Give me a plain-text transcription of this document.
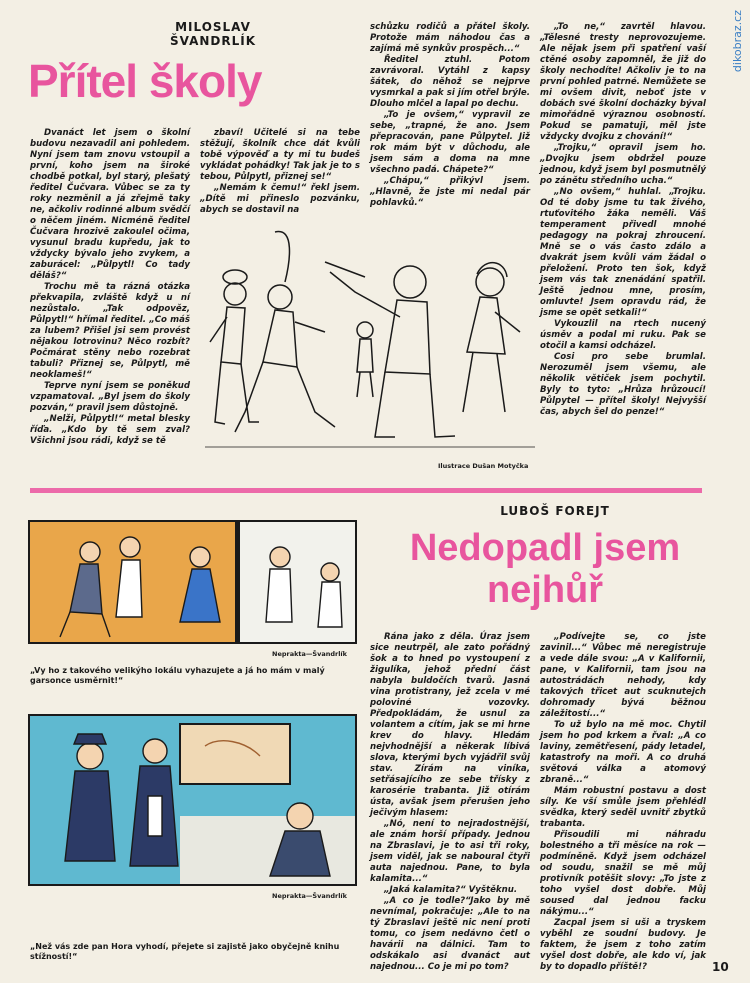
dikobraz.cz
MILOSLAV
ŠVANDRLÍK
Přítel školy

Dvanáct let jsem o školní budovu nezavadil ani pohledem. Nyní jsem tam znovu vstoupil a první, koho jsem na široké chodbě potkal, byl starý, plešatý ředitel Čučvara. Vůbec se za ty roky nezměnil a já zřejmě taky ne, ačkoliv rodinné album svědčí o něčem jiném. Nicméně ředitel Čučvara hrozivě zakoulel očima, vysunul bradu kupředu, jak to vždycky bývalo jeho zvykem, a zaburácel: „Půlpytl! Co tady děláš?“

Trochu mě ta rázná otázka překvapila, zvláště když u ní nezůstalo. „Tak odpověz, Půlpytl!“ hřímal ředitel. „Co máš za lubem? Přišel jsi sem provést nějakou lotrovinu? Něco rozbít? Počmárat stěny nebo rozebrat tabuli? Přiznej se, Půlpytl, mě neoklameš!“

Teprve nyní jsem se poněkud vzpamatoval. „Byl jsem do školy pozván,“ pravil jsem důstojně.

„Nelži, Půlpytl!“ metal blesky říďa. „Kdo by tě sem zval? Všichni jsou rádi, když se tě

zbaví! Učitelé si na tebe stěžují, školník chce dát kvůli tobě výpověď a ty mi tu budeš vykládat pohádky! Tak jak je to s tebou, Půlpytl, přiznej se!“

„Nemám k čemu!“ řekl jsem. „Dítě mi přineslo pozvánku, abych se dostavil na

schůzku rodičů a přátel školy. Protože mám náhodou čas a zajímá mě synkův prospěch...“

Ředitel ztuhl. Potom zavrávoral. Vytáhl z kapsy šátek, do něhož se nejprve vysmrkal a pak si jím otřel brýle. Dlouho mlčel a lapal po dechu.

„To je ovšem,“ vypravil ze sebe, „trapné, že ano. Jsem přepracován, pane Půlpytel. Již rok mám být v důchodu, ale jsem sám a doma na mne všechno padá. Chápete?“

„Chápu,“ přikývl jsem. „Hlavně, že jste mi nedal pár pohlavků.“

„To ne,“ zavrtěl hlavou. „Tělesné tresty neprovozujeme. Ale nějak jsem při spatření vaší ctěné osoby zapomněl, že již do školy nechodíte! Ačkoliv je to na první pohled patrné. Nemůžete se mi ovšem divit, neboť jste v dobách své školní docházky býval mimořádně výraznou osobností. Pokud se pamatuji, měl jste vždycky dvojku z chování!“

„Trojku,“ opravil jsem ho. „Dvojku jsem obdržel pouze jednou, když jsem byl posmutnělý po zánětu středního ucha.“

„No ovšem,“ huhlal. „Trojku. Od té doby jsme tu tak živého, rtuťovitého žáka neměli. Váš temperament přivedl mnohé pedagogy na pokraj zhroucení. Mně se o vás často zdálo a dvakrát jsem kvůli vám žádal o přeložení. Proto ten šok, když jsem vás tak znenádání spatřil. Ještě jednou mne, prosím, omluvte! Jsem opravdu rád, že jsme se opět setkali!“

Vykouzlil na rtech nucený úsměv a podal mi ruku. Pak se otočil a kamsi odcházel.

Cosi pro sebe brumlal. Nerozuměl jsem všemu, ale několik větiček jsem pochytil. Byly to tyto: „Hrůza hrůzoucí! Půlpytel — přítel školy! Nejvyšší čas, abych šel do penze!“

Ilustrace Dušan Motyčka
LUBOŠ FOREJT
Nedopadl jsem
nejhůř

Rána jako z děla. Úraz jsem sice neutrpěl, ale zato pořádný šok a to hned po vystoupení z žigulíka, jehož přední část nabyla buldočích tvarů. Jasná vina protistrany, jež zcela v mé poloviné vozovky. Předpokládám, že usnul za volantem a cítím, jak se mi hrne krev do hlavy. Hledám nejvhodnější a někerak líbivá slova, kterými bych vyjádřil svůj stav. Zírám na viníka, setřásajícího ze sebe třísky z karosérie trabanta. Již otírám ústa, avšak jsem přerušen jeho ječivým hlasem:

„Nó, není to nejradostnější, ale znám horší případy. Jednou na Zbraslavi, je to asi tři roky, jsem viděl, jak se naboural čtyři auta najednou. Pane, to byla kalamita...“

„Jaká kalamita?“ Vyštěknu.

„A co je todle?“Jako by mě nevnímal, pokračuje: „Ale to na tý Zbraslavi ještě nic není proti tomu, co jsem nedávno četl o havárii na dálnici. Tam to odskákalo asi dvanáct aut najednou... Co je mi po tom?

„Podívejte se, co jste zavinil...“ Vůbec mě neregistruje a vede dále svou: „A v Kalifornii, pane, v Kalifornii, tam jsou na autostrádách nehody, kdy takových třicet aut scuknutejch dohromady bývá běžnou záležitostí...“

To už bylo na mě moc. Chytil jsem ho pod krkem a řval: „A co laviny, zemětřesení, pády letadel, katastrofy na moři. A co druhá světová válka a atomový zbraně...“

Mám robustní postavu a dost síly. Ke vší smůle jsem přehlédl svědka, který seděl uvnitř zbytků trabanta.

Přisoudili mi náhradu bolestného a tři měsíce na rok — podmíněně. Když jsem odcházel od soudu, snažil se mě můj protivník potěšit slovy: „To jste z toho vyšel dost dobře. Můj soused dal jednou facku nákýmu...“

Zacpal jsem si uši a tryskem vyběhl ze soudní budovy. Je faktem, že jsem z toho zatím vyšel dost dobře, ale kdo ví, jak by to dopadlo příště!?

Neprakta—Švandrlík
„Vy ho z takového velikýho lokálu vyhazujete a já ho mám v malý garsonce usměrnit!“
Neprakta—Švandrlík
„Než vás zde pan Hora vyhodí, přejete si zajistě jako obyčejně knihu stížností!“
10
